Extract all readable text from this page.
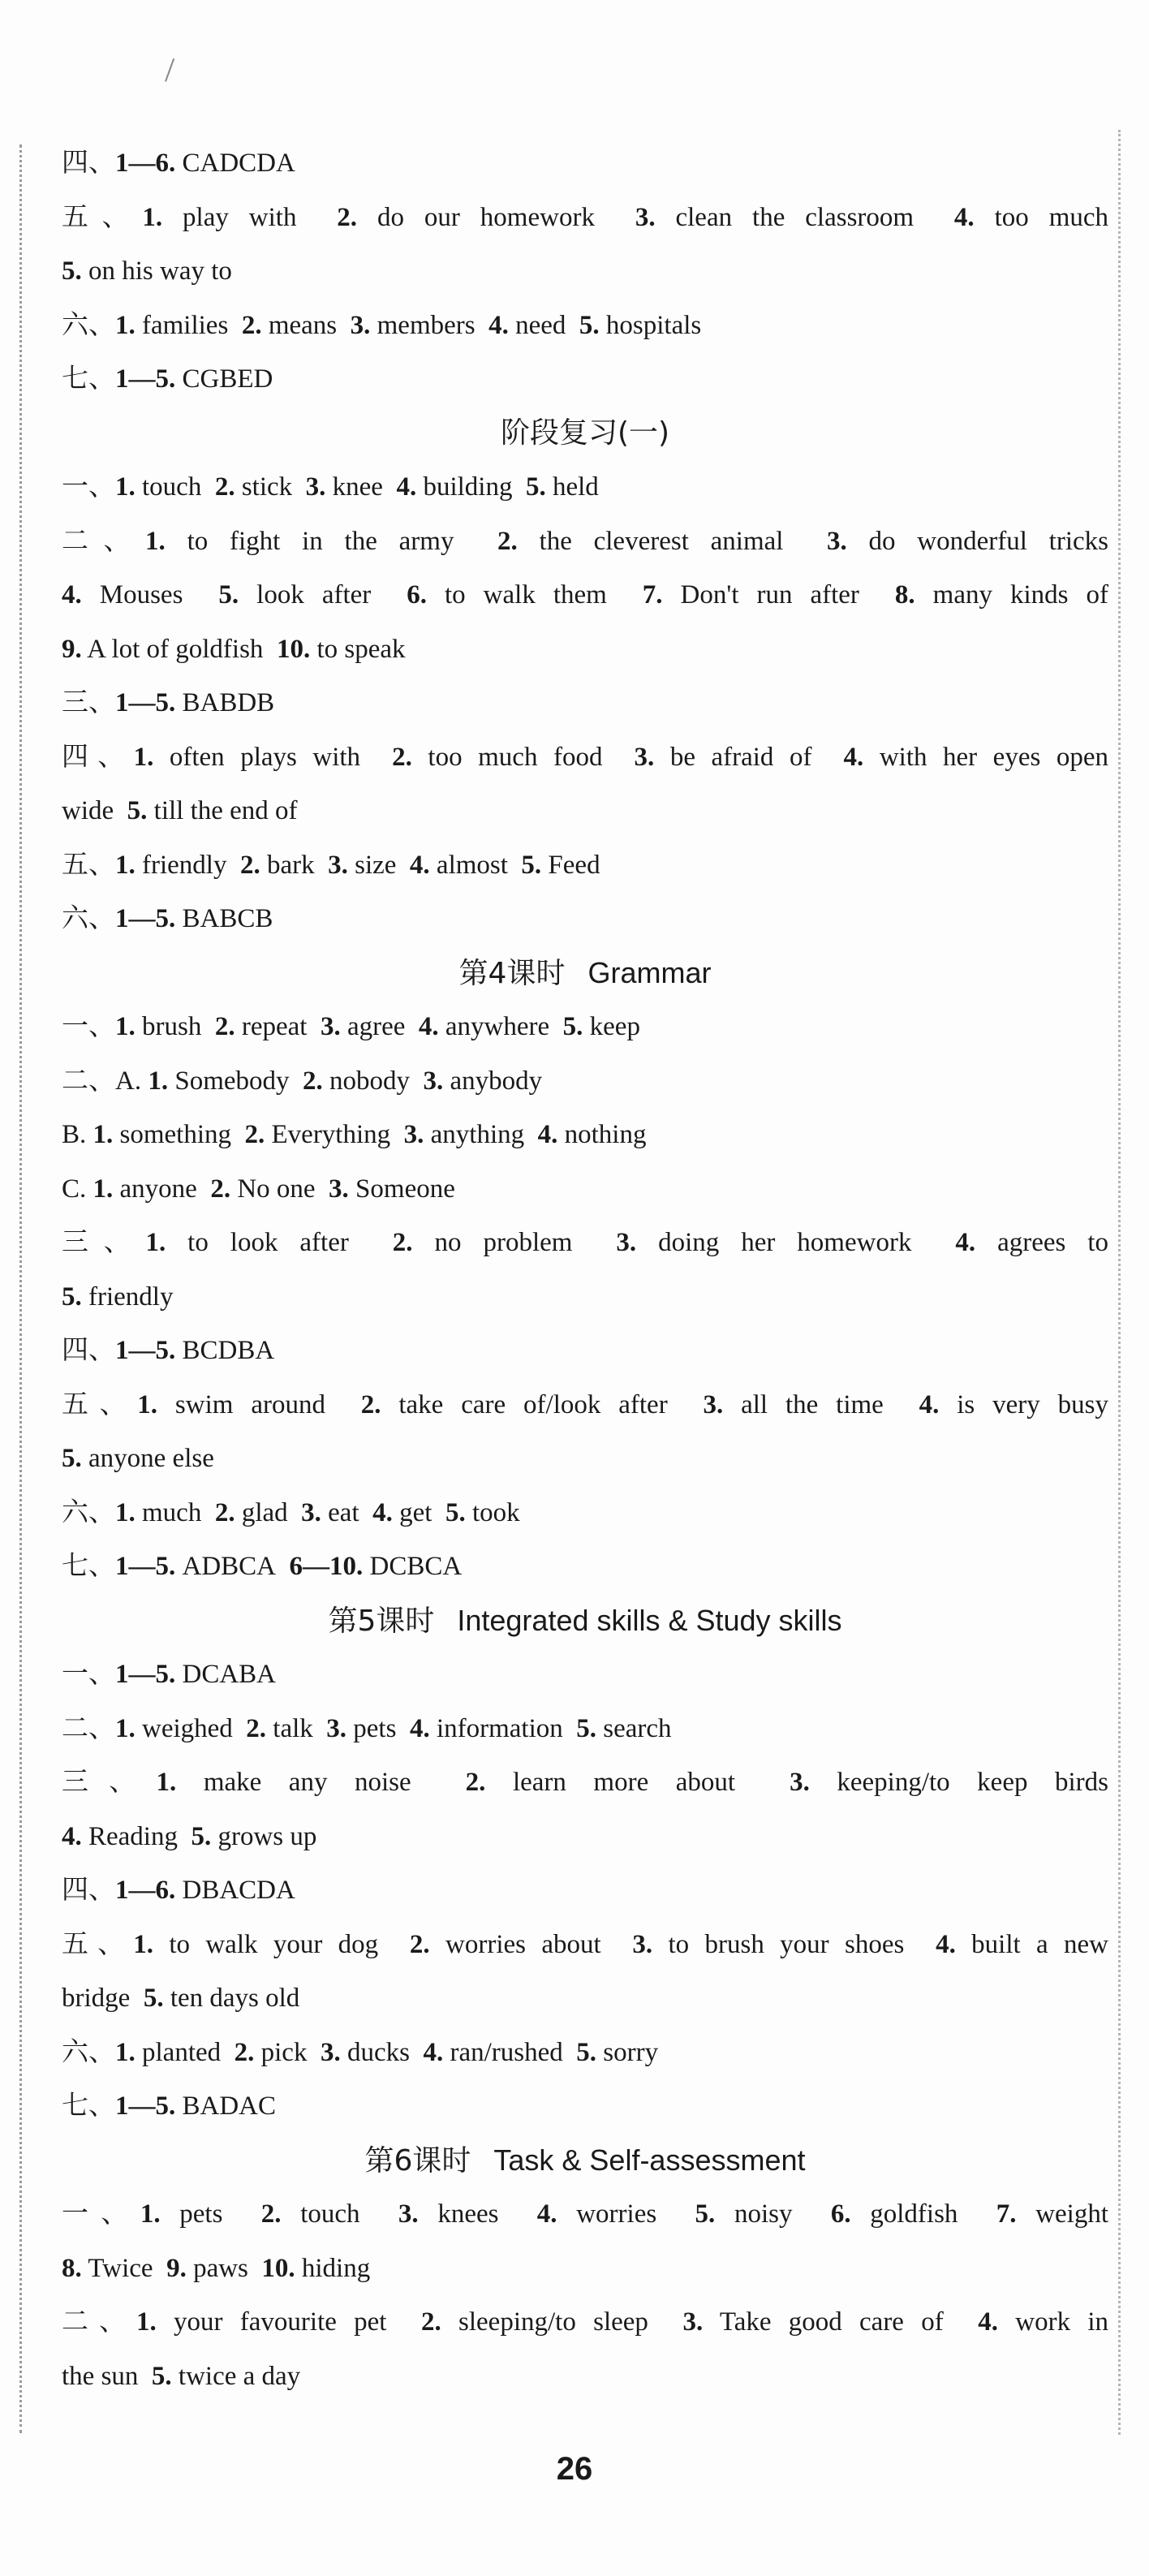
四、1—6. CADCDA
五、1. play with  2. do our homework  3. clean the classroom  4. too much
5. on his way to
六、1. families  2. means  3. members  4. need  5. hospitals
七、1—5. CGBED
阶段复习(一)
一、1. touch  2. stick  3. knee  4. building  5. held
二、1. to fight in the army  2. the cleverest animal  3. do wonderful tricks
4. Mouses  5. look after  6. to walk them  7. Don't run after  8. many kinds of
9. A lot of goldfish  10. to speak
三、1—5. BABDB
四、1. often plays with  2. too much food  3. be afraid of  4. with her eyes open
wide  5. till the end of
五、1. friendly  2. bark  3. size  4. almost  5. Feed
六、1—5. BABCB
第4课时 Grammar
一、1. brush  2. repeat  3. agree  4. anywhere  5. keep
二、A. 1. Somebody  2. nobody  3. anybody
B. 1. something  2. Everything  3. anything  4. nothing
C. 1. anyone  2. No one  3. Someone
三、1. to look after  2. no problem  3. doing her homework  4. agrees to
5. friendly
四、1—5. BCDBA
五、1. swim around  2. take care of/look after  3. all the time  4. is very busy
5. anyone else
六、1. much  2. glad  3. eat  4. get  5. took
七、1—5. ADBCA  6—10. DCBCA
第5课时 Integrated skills & Study skills
一、1—5. DCABA
二、1. weighed  2. talk  3. pets  4. information  5. search
三、1. make any noise  2. learn more about  3. keeping/to keep birds
4. Reading  5. grows up
四、1—6. DBACDA
五、1. to walk your dog  2. worries about  3. to brush your shoes  4. built a new
bridge  5. ten days old
六、1. planted  2. pick  3. ducks  4. ran/rushed  5. sorry
七、1—5. BADAC
第6课时 Task & Self-assessment
一、1. pets  2. touch  3. knees  4. worries  5. noisy  6. goldfish  7. weight
8. Twice  9. paws  10. hiding
二、1. your favourite pet  2. sleeping/to sleep  3. Take good care of  4. work in
the sun  5. twice a day
26
